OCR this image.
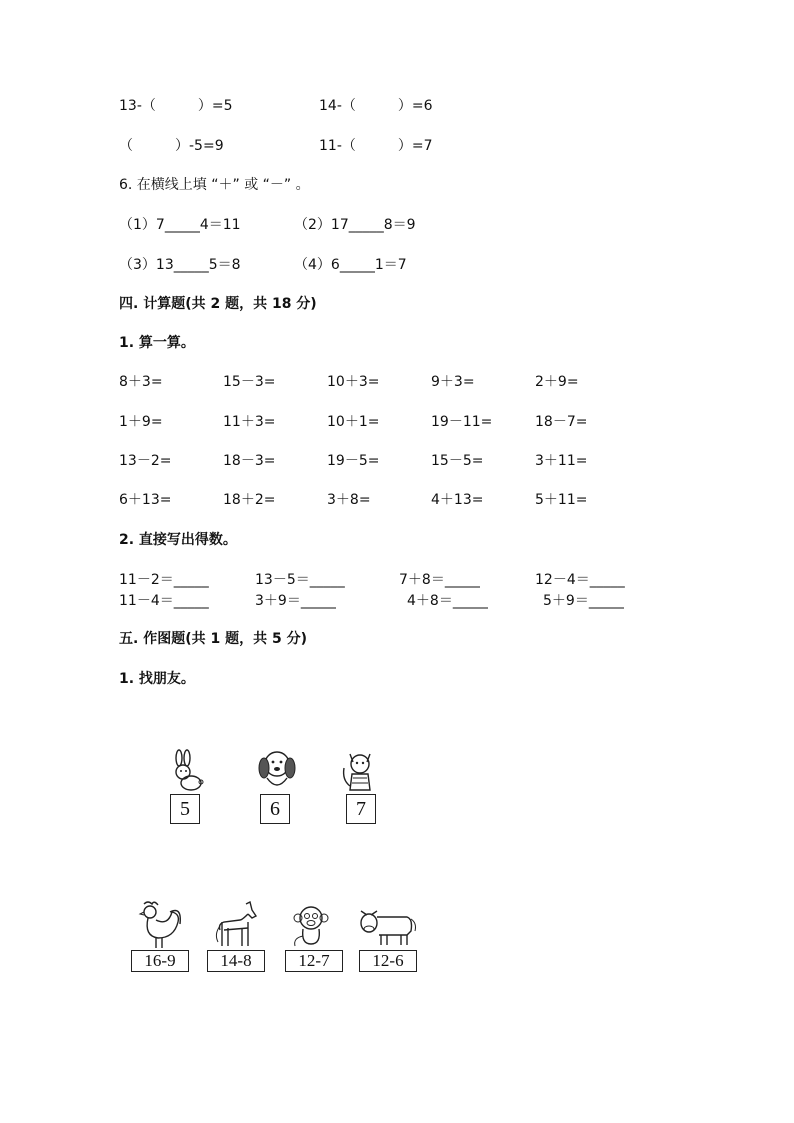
13-（　　　）=5	14-（　　　）=6
（　　　）-5=9	11-（　　　）=7
6. 在横线上填 “＋” 或 “－” 。
（1）7_____4＝11	（2）17_____8＝9
（3）13_____5＝8	（4）6_____1＝7
四. 计算题(共 2 题，共 18 分)
1. 算一算。
8＋3=	15－3=	10＋3=	9＋3=	2＋9=
1＋9=	11＋3=	10＋1=	19－11=	18－7=
13－2=	18－3=	19－5=	15－5=	3＋11=
6＋13=	18＋2=	3＋8=	4＋13=	5＋11=
2. 直接写出得数。
11－2＝_____	13－5＝_____	7＋8＝_____	12－4＝_____
11－4＝_____	3＋9＝_____	4＋8＝_____	5＋9＝_____
五. 作图题(共 1 题，共 5 分)
1. 找朋友。
5	6	7
16-9	14-8	12-7	12-6
